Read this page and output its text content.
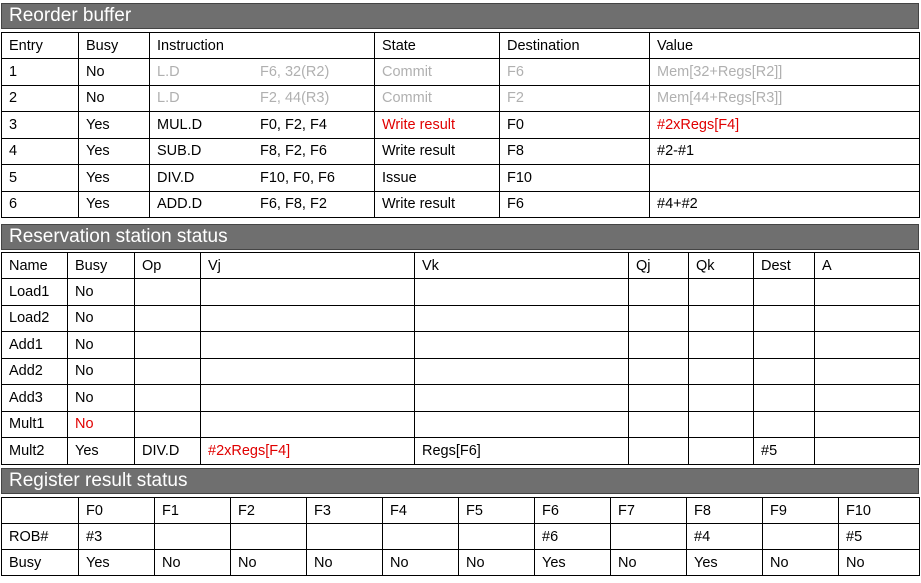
Reorder buffer
Entry	Busy	Instruction	State	Destination	Value
1	No	L.D F6, 32(R2)	Commit	F6	Mem[32+Regs[R2]]
2	No	L.D F2, 44(R3)	Commit	F2	Mem[44+Regs[R3]]
3	Yes	MUL.D F0, F2, F4	Write result	F0	#2xRegs[F4]
4	Yes	SUB.D F8, F2, F6	Write result	F8	#2-#1
5	Yes	DIV.D F10, F0, F6	Issue	F10	
6	Yes	ADD.D F6, F8, F2	Write result	F6	#4+#2
Reservation station status
Name	Busy	Op	Vj	Vk	Qj	Qk	Dest	A
Load1	No							
Load2	No							
Add1	No							
Add2	No							
Add3	No							
Mult1	No							
Mult2	Yes	DIV.D	#2xRegs[F4]	Regs[F6]			#5	
Register result status
	F0	F1	F2	F3	F4	F5	F6	F7	F8	F9	F10
ROB#	#3						#6		#4		#5
Busy	Yes	No	No	No	No	No	Yes	No	Yes	No	No
